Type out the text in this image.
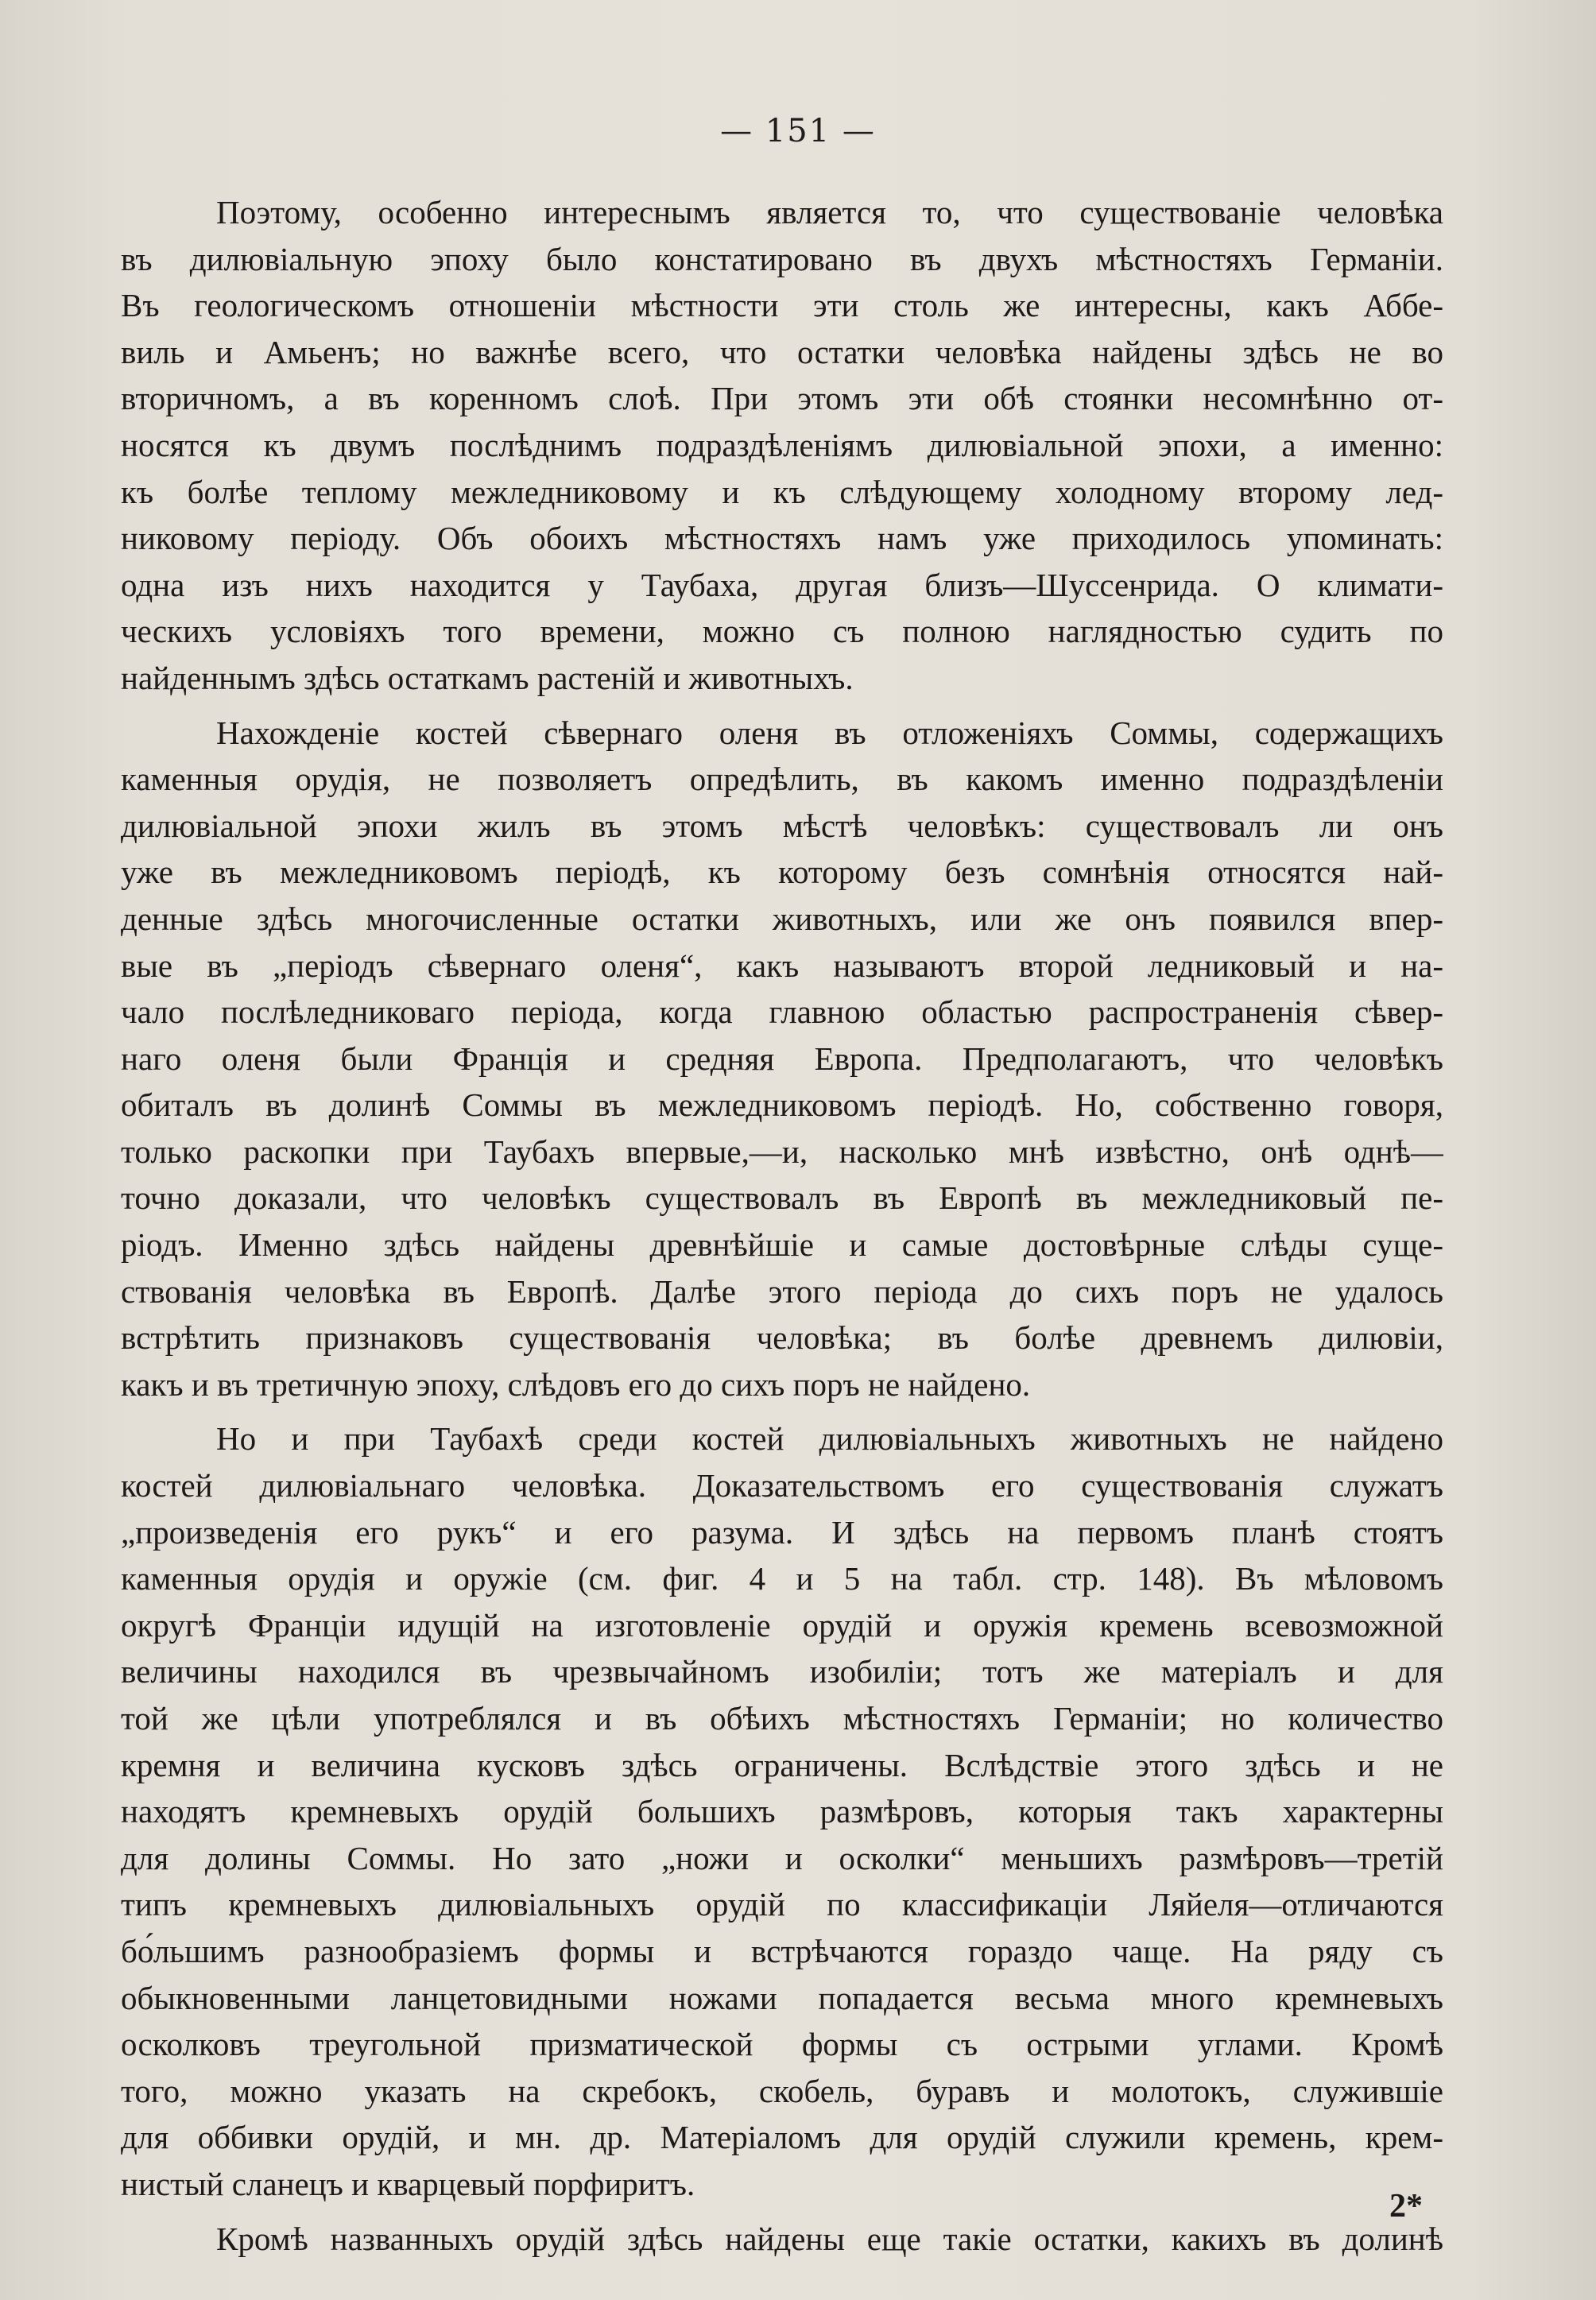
— 151 —
Поэтому, особенно интереснымъ является то, что существованіе человѣка
въ дилювіальную эпоху было констатировано въ двухъ мѣстностяхъ Германіи.
Въ геологическомъ отношеніи мѣстности эти столь же интересны, какъ Аббе-
виль и Амьенъ; но важнѣе всего, что остатки человѣка найдены здѣсь не во
вторичномъ, а въ коренномъ слоѣ. При этомъ эти обѣ стоянки несомнѣнно от-
носятся къ двумъ послѣднимъ подраздѣленіямъ дилювіальной эпохи, а именно:
къ болѣе теплому межледниковому и къ слѣдующему холодному второму лед-
никовому періоду. Объ обоихъ мѣстностяхъ намъ уже приходилось упоминать:
одна изъ нихъ находится у Таубаха, другая близъ—Шуссенрида. О климати-
ческихъ условіяхъ того времени, можно съ полною наглядностью судить по
найденнымъ здѣсь остаткамъ растеній и животныхъ.
Нахожденіе костей сѣвернаго оленя въ отложеніяхъ Соммы, содержащихъ
каменныя орудія, не позволяетъ опредѣлить, въ какомъ именно подраздѣленіи
дилювіальной эпохи жилъ въ этомъ мѣстѣ человѣкъ: существовалъ ли онъ
уже въ межледниковомъ періодѣ, къ которому безъ сомнѣнія относятся най-
денные здѣсь многочисленные остатки животныхъ, или же онъ появился впер-
вые въ „періодъ сѣвернаго оленя“, какъ называютъ второй ледниковый и на-
чало послѣледниковаго періода, когда главною областью распространенія сѣвер-
наго оленя были Франція и средняя Европа. Предполагаютъ, что человѣкъ
обиталъ въ долинѣ Соммы въ межледниковомъ періодѣ. Но, собственно говоря,
только раскопки при Таубахъ впервые,—и, насколько мнѣ извѣстно, онѣ однѣ—
точно доказали, что человѣкъ существовалъ въ Европѣ въ межледниковый пе-
ріодъ. Именно здѣсь найдены древнѣйшіе и самые достовѣрные слѣды суще-
ствованія человѣка въ Европѣ. Далѣе этого періода до сихъ поръ не удалось
встрѣтить признаковъ существованія человѣка; въ болѣе древнемъ дилювіи,
какъ и въ третичную эпоху, слѣдовъ его до сихъ поръ не найдено.
Но и при Таубахѣ среди костей дилювіальныхъ животныхъ не найдено
костей дилювіальнаго человѣка. Доказательствомъ его существованія служатъ
„произведенія его рукъ“ и его разума. И здѣсь на первомъ планѣ стоятъ
каменныя орудія и оружіе (см. фиг. 4 и 5 на табл. стр. 148). Въ мѣловомъ
округѣ Франціи идущій на изготовленіе орудій и оружія кремень всевозможной
величины находился въ чрезвычайномъ изобиліи; тотъ же матеріалъ и для
той же цѣли употреблялся и въ обѣихъ мѣстностяхъ Германіи; но количество
кремня и величина кусковъ здѣсь ограничены. Вслѣдствіе этого здѣсь и не
находятъ кремневыхъ орудій большихъ размѣровъ, которыя такъ характерны
для долины Соммы. Но зато „ножи и осколки“ меньшихъ размѣровъ—третій
типъ кремневыхъ дилювіальныхъ орудій по классификаціи Ляйеля—отличаются
бо́льшимъ разнообразіемъ формы и встрѣчаются гораздо чаще. На ряду съ
обыкновенными ланцетовидными ножами попадается весьма много кремневыхъ
осколковъ треугольной призматической формы съ острыми углами. Кромѣ
того, можно указать на скребокъ, скобель, буравъ и молотокъ, служившіе
для оббивки орудій, и мн. др. Матеріаломъ для орудій служили кремень, крем-
нистый сланецъ и кварцевый порфиритъ.
Кромѣ названныхъ орудій здѣсь найдены еще такіе остатки, какихъ въ долинѣ
2*
